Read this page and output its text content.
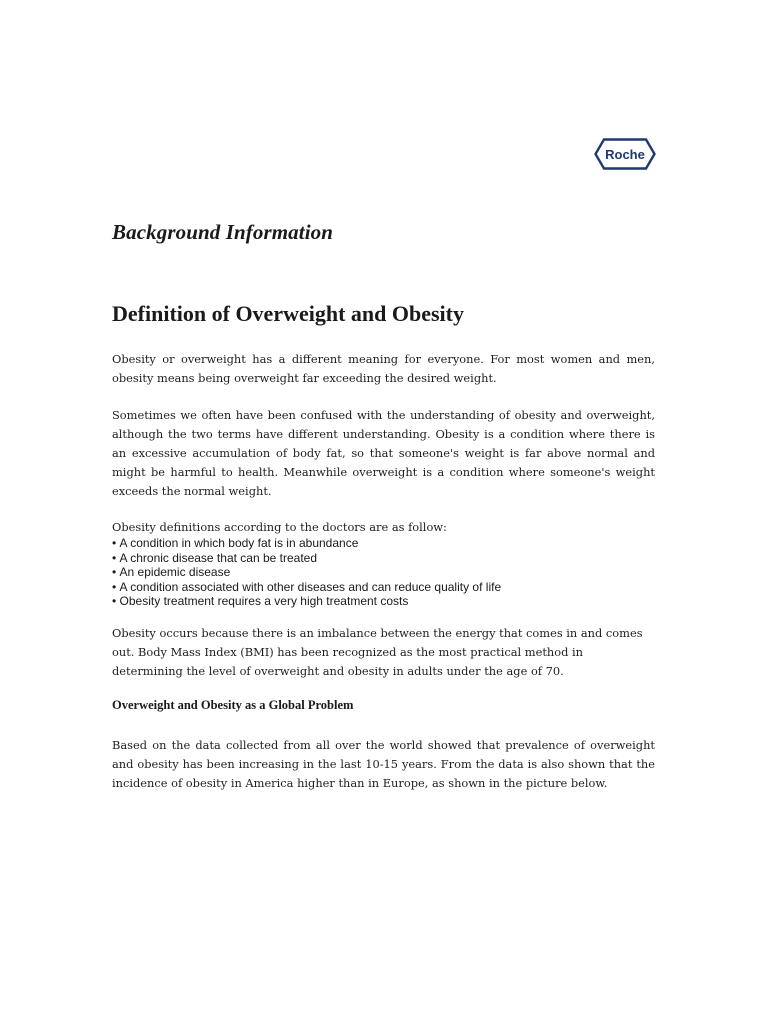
Roche
Background Information
Definition of Overweight and Obesity

Obesity or overweight has a different meaning for everyone. For most women and men, obesity means being overweight far exceeding the desired weight.

Sometimes we often have been confused with the understanding of obesity and overweight, although the two terms have different understanding. Obesity is a condition where there is an excessive accumulation of body fat, so that someone's weight is far above normal and might be harmful to health. Meanwhile overweight is a condition where someone's weight exceeds the normal weight.

Obesity definitions according to the doctors are as follow:

• A condition in which body fat is in abundance
• A chronic disease that can be treated
• An epidemic disease
• A condition associated with other diseases and can reduce quality of life
• Obesity treatment requires a very high treatment costs

Obesity occurs because there is an imbalance between the energy that comes in and comes out. Body Mass Index (BMI) has been recognized as the most practical method in determining the level of overweight and obesity in adults under the age of 70.

Overweight and Obesity as a Global Problem

Based on the data collected from all over the world showed that prevalence of overweight and obesity has been increasing in the last 10-15 years. From the data is also shown that the incidence of obesity in America higher than in Europe, as shown in the picture below.
